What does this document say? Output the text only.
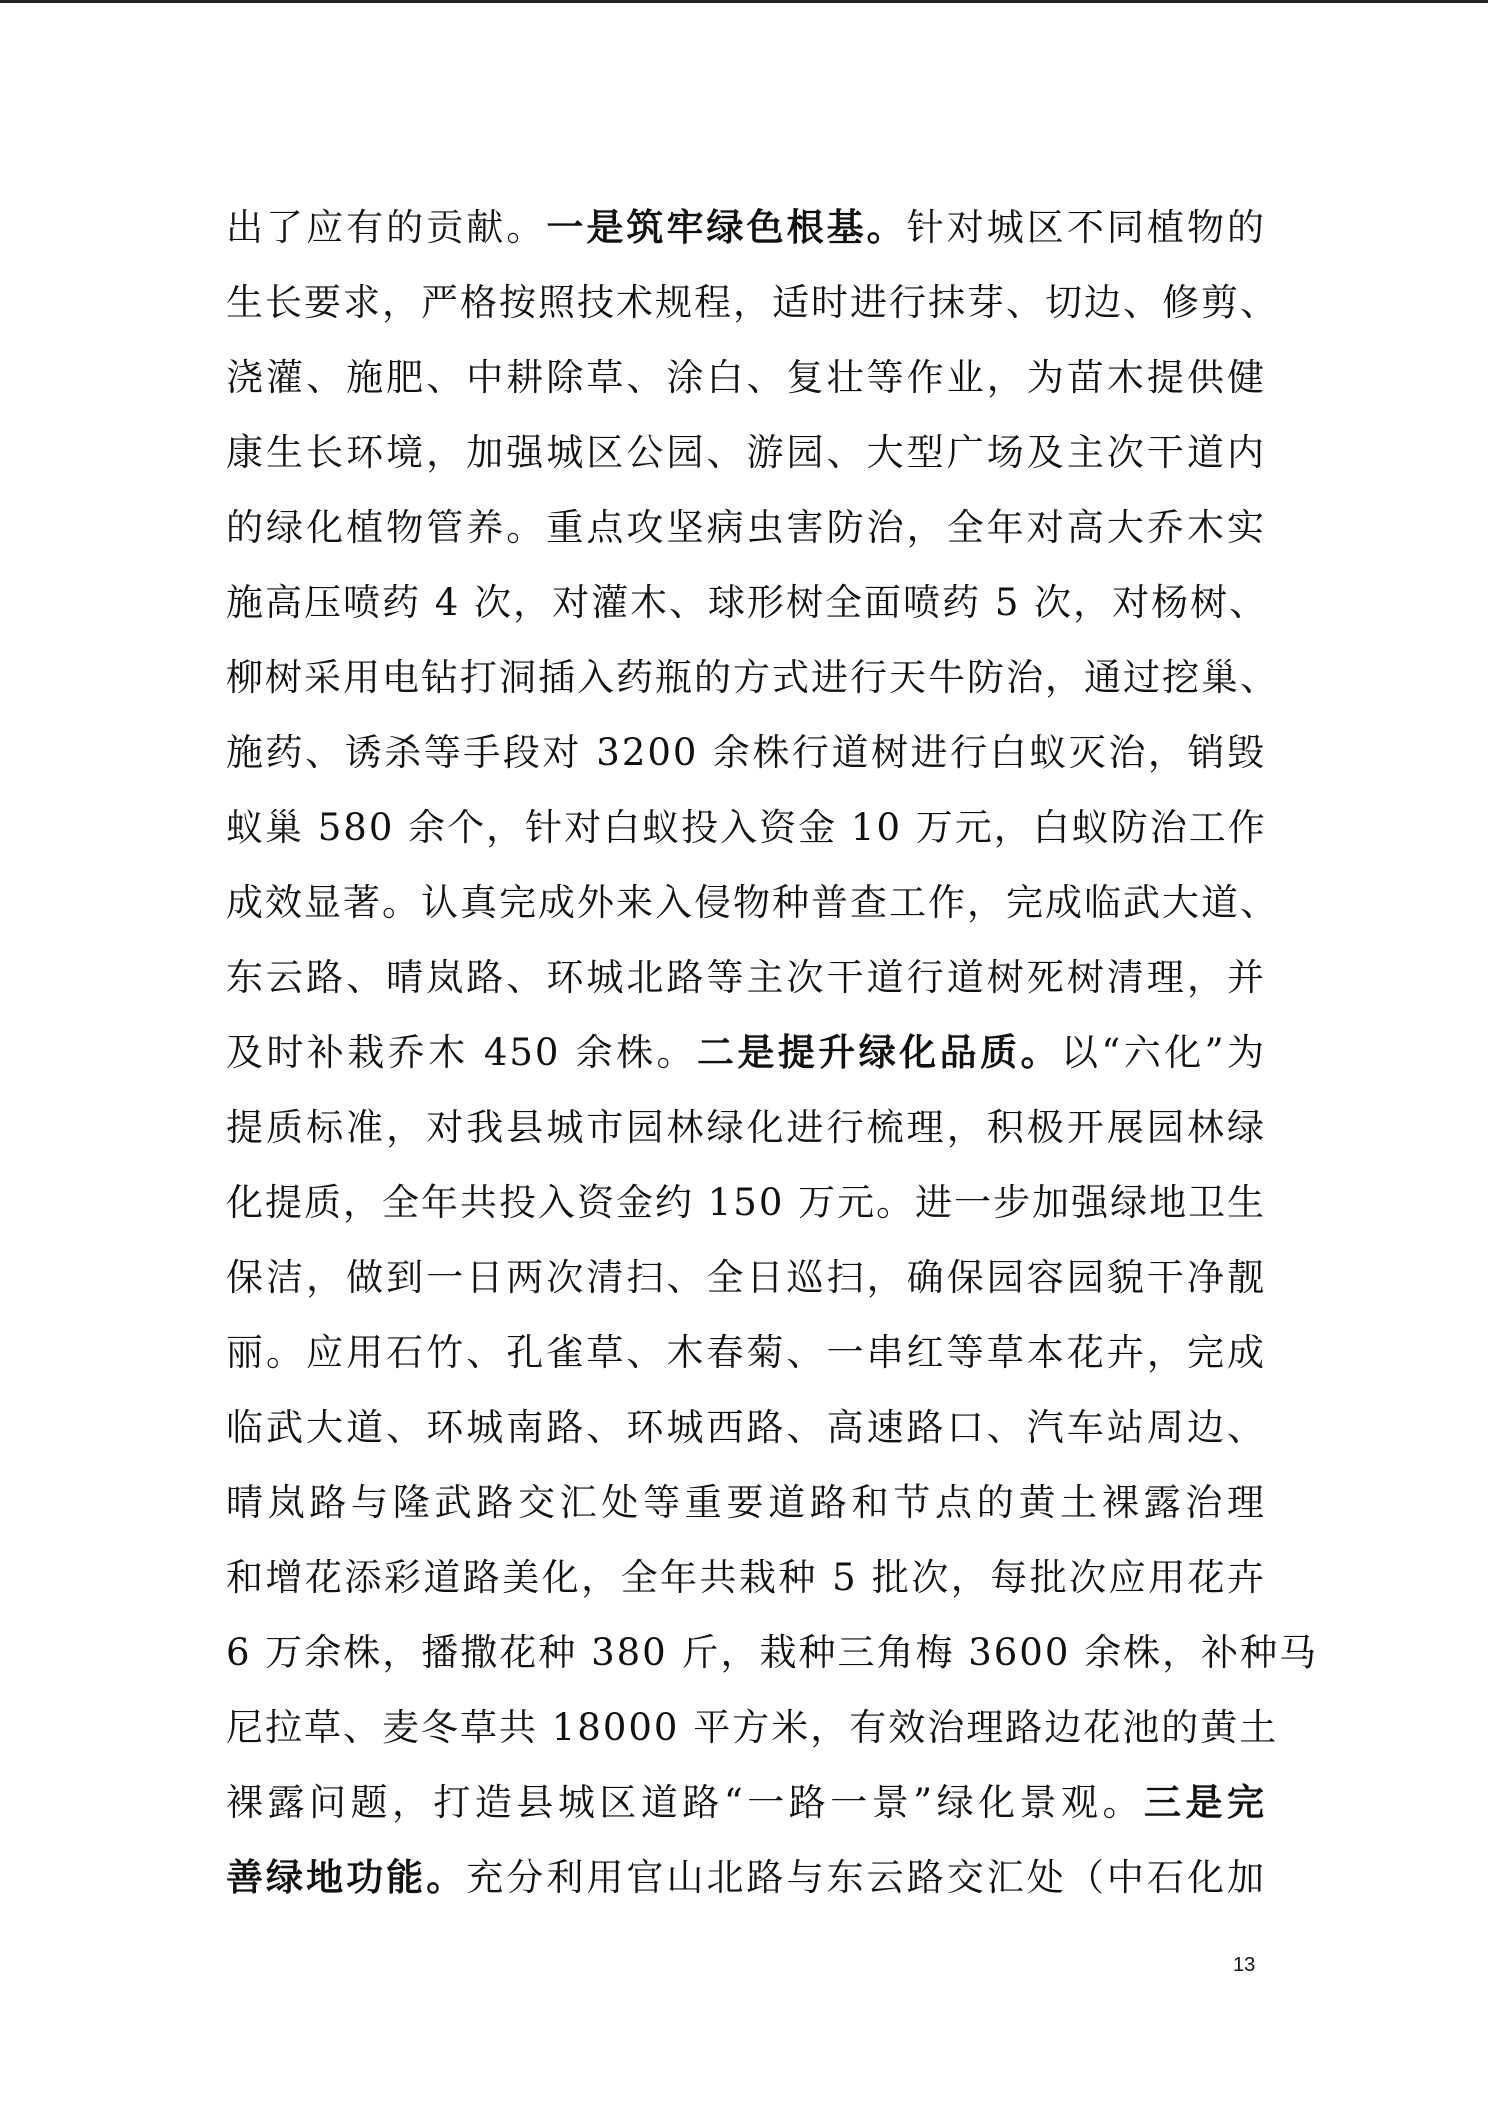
出了应有的贡献。一是筑牢绿色根基。针对城区不同植物的
生长要求，严格按照技术规程，适时进行抹芽、切边、修剪、
浇灌、施肥、中耕除草、涂白、复壮等作业，为苗木提供健
康生长环境，加强城区公园、游园、大型广场及主次干道内
的绿化植物管养。重点攻坚病虫害防治，全年对高大乔木实
施高压喷药 4 次，对灌木、球形树全面喷药 5 次，对杨树、
柳树采用电钻打洞插入药瓶的方式进行天牛防治，通过挖巢、
施药、诱杀等手段对 3200 余株行道树进行白蚁灭治，销毁
蚁巢 580 余个，针对白蚁投入资金 10 万元，白蚁防治工作
成效显著。认真完成外来入侵物种普查工作，完成临武大道、
东云路、晴岚路、环城北路等主次干道行道树死树清理，并
及时补栽乔木 450 余株。二是提升绿化品质。以“六化”为
提质标准，对我县城市园林绿化进行梳理，积极开展园林绿
化提质，全年共投入资金约 150 万元。进一步加强绿地卫生
保洁，做到一日两次清扫、全日巡扫，确保园容园貌干净靓
丽。应用石竹、孔雀草、木春菊、一串红等草本花卉，完成
临武大道、环城南路、环城西路、高速路口、汽车站周边、
晴岚路与隆武路交汇处等重要道路和节点的黄土裸露治理
和增花添彩道路美化，全年共栽种 5 批次，每批次应用花卉
6 万余株，播撒花种 380 斤，栽种三角梅 3600 余株，补种马
尼拉草、麦冬草共 18000 平方米，有效治理路边花池的黄土
裸露问题，打造县城区道路“一路一景”绿化景观。三是完
善绿地功能。充分利用官山北路与东云路交汇处（中石化加
13
